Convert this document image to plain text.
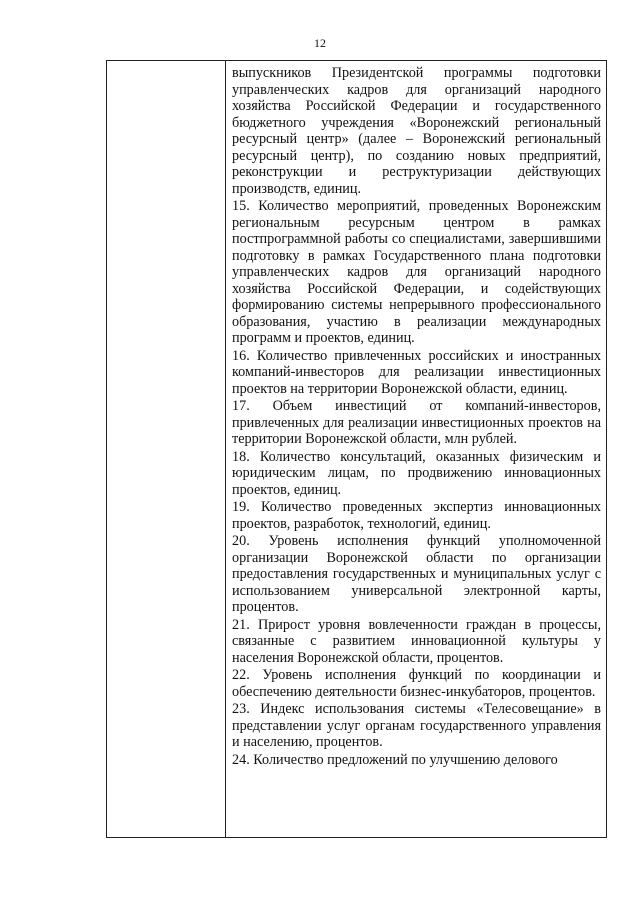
12

выпускников Президентской программы подготовки управленческих кадров для организаций народного хозяйства Российской Федерации и государственного бюджетного учреждения «Воронежский региональный ресурсный центр» (далее – Воронежский региональный ресурсный центр), по созданию новых предприятий, реконструкции и реструктуризации действующих производств, единиц.

15. Количество мероприятий, проведенных Воронежским региональным ресурсным центром в рамках постпрограммной работы со специалистами, завершившими подготовку в рамках Государственного плана подготовки управленческих кадров для организаций народного хозяйства Российской Федерации, и содействующих формированию системы непрерывного профессионального образования, участию в реализации международных программ и проектов, единиц.

16. Количество привлеченных российских и иностранных компаний-инвесторов для реализации инвестиционных проектов на территории Воронежской области, единиц.

17. Объем инвестиций от компаний-инвесторов, привлеченных для реализации инвестиционных проектов на территории Воронежской области, млн рублей.

18. Количество консультаций, оказанных физическим и юридическим лицам, по продвижению инновационных проектов, единиц.

19. Количество проведенных экспертиз инновационных проектов, разработок, технологий, единиц.

20. Уровень исполнения функций уполномоченной организации Воронежской области по организации предоставления государственных и муниципальных услуг с использованием универсальной электронной карты, процентов.

21. Прирост уровня вовлеченности граждан в процессы, связанные с развитием инновационной культуры у населения Воронежской области, процентов.

22. Уровень исполнения функций по координации и обеспечению деятельности бизнес-инкубаторов, процентов.

23. Индекс использования системы «Телесовещание» в представлении услуг органам государственного управления и населению, процентов.

24. Количество предложений по улучшению делового
